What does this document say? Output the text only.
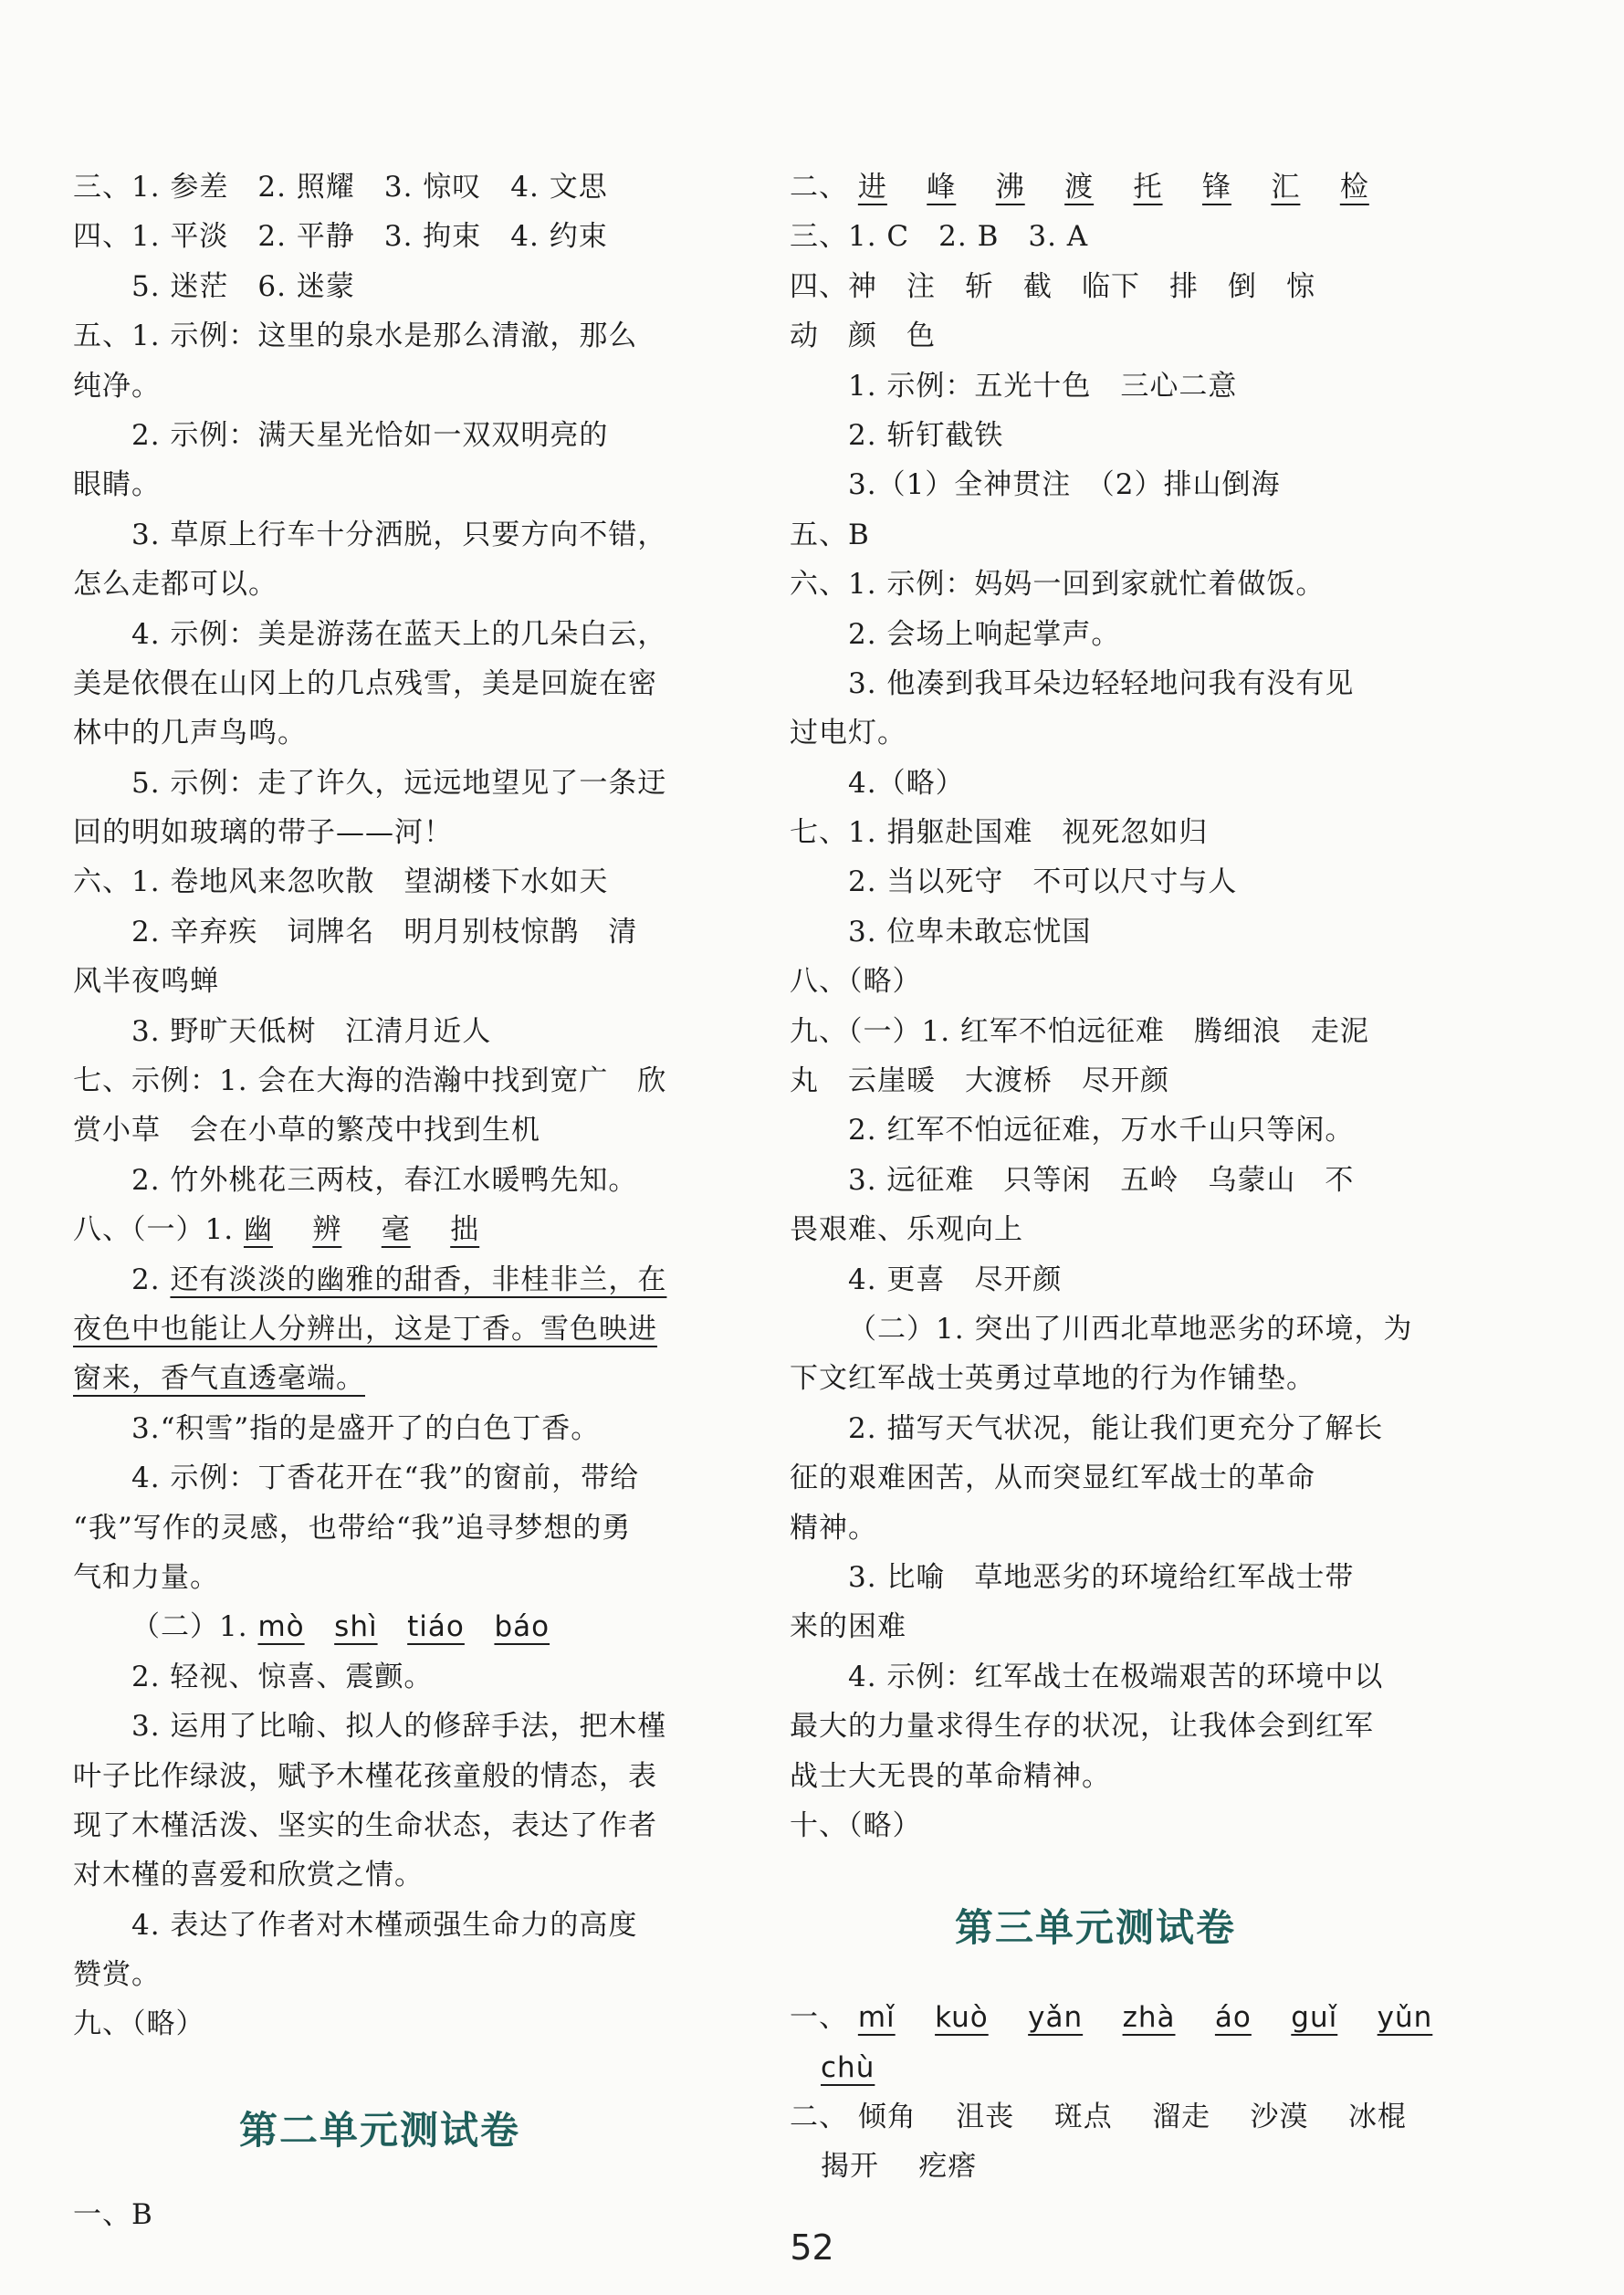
三、1. 参差　2. 照耀　3. 惊叹　4. 文思
四、1. 平淡　2. 平静　3. 拘束　4. 约束
5. 迷茫　6. 迷蒙
五、1. 示例：这里的泉水是那么清澈，那么
纯净。
2. 示例：满天星光恰如一双双明亮的
眼睛。
3. 草原上行车十分洒脱，只要方向不错，
怎么走都可以。
4. 示例：美是游荡在蓝天上的几朵白云，
美是依偎在山冈上的几点残雪，美是回旋在密
林中的几声鸟鸣。
5. 示例：走了许久，远远地望见了一条迂
回的明如玻璃的带子——河！
六、1. 卷地风来忽吹散　望湖楼下水如天
2. 辛弃疾　词牌名　明月别枝惊鹊　清
风半夜鸣蝉
3. 野旷天低树　江清月近人
七、示例：1. 会在大海的浩瀚中找到宽广　欣
赏小草　会在小草的繁茂中找到生机
2. 竹外桃花三两枝，春江水暖鸭先知。
八、（一）1. 幽 辨 毫 拙
2. 还有淡淡的幽雅的甜香，非桂非兰，在
夜色中也能让人分辨出，这是丁香。雪色映进
窗来，香气直透毫端。
3.“积雪”指的是盛开了的白色丁香。
4. 示例：丁香花开在“我”的窗前，带给
“我”写作的灵感，也带给“我”追寻梦想的勇
气和力量。
（二）1. mò shì tiáo báo
2. 轻视、惊喜、震颤。
3. 运用了比喻、拟人的修辞手法，把木槿
叶子比作绿波，赋予木槿花孩童般的情态，表
现了木槿活泼、坚实的生命状态，表达了作者
对木槿的喜爱和欣赏之情。
4. 表达了作者对木槿顽强生命力的高度
赞赏。
九、（略）
第二单元测试卷
一、B
二、 进 峰 沸 渡 托 锋 汇 检
三、1. C　2. B　3. A
四、神　注　斩　截　临下　排　倒　惊
动　颜　色
1. 示例：五光十色　三心二意
2. 斩钉截铁
3.（1）全神贯注　（2）排山倒海
五、B
六、1. 示例：妈妈一回到家就忙着做饭。
2. 会场上响起掌声。
3. 他凑到我耳朵边轻轻地问我有没有见
过电灯。
4.（略）
七、1. 捐躯赴国难　视死忽如归
2. 当以死守　不可以尺寸与人
3. 位卑未敢忘忧国
八、（略）
九、（一）1. 红军不怕远征难　腾细浪　走泥
丸　云崖暖　大渡桥　尽开颜
2. 红军不怕远征难，万水千山只等闲。
3. 远征难　只等闲　五岭　乌蒙山　不
畏艰难、乐观向上
4. 更喜　尽开颜
（二）1. 突出了川西北草地恶劣的环境，为
下文红军战士英勇过草地的行为作铺垫。
2. 描写天气状况，能让我们更充分了解长
征的艰难困苦，从而突显红军战士的革命
精神。
3. 比喻　草地恶劣的环境给红军战士带
来的困难
4. 示例：红军战士在极端艰苦的环境中以
最大的力量求得生存的状况，让我体会到红军
战士大无畏的革命精神。
十、（略）
第三单元测试卷
一、 mǐ kuò yǎn zhà áo guǐ yǔn
chù
二、 倾角 沮丧 斑点 溜走 沙漠 冰棍
揭开 疙瘩
52
